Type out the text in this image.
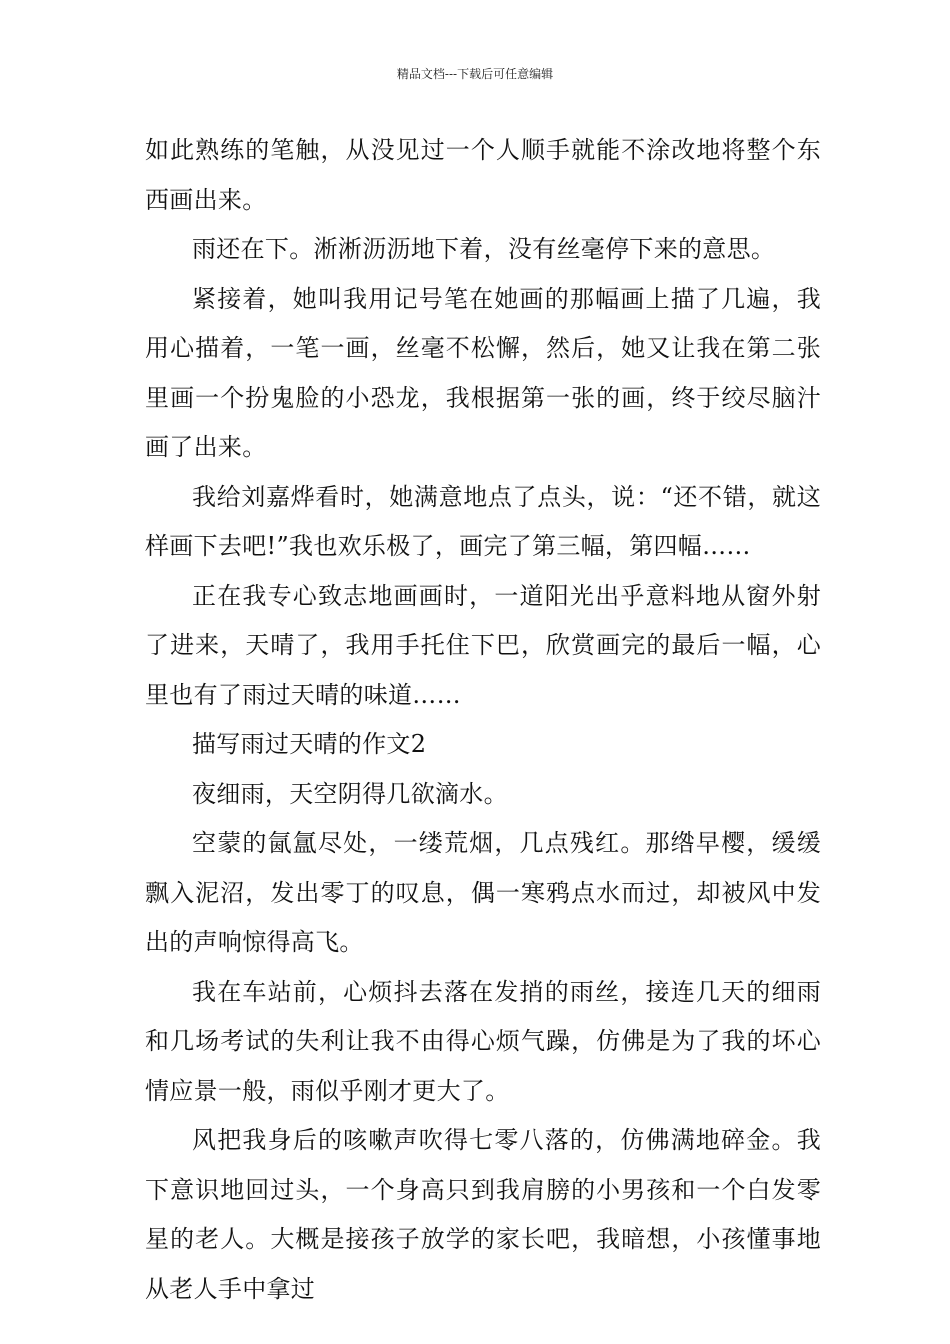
精品文档---下载后可任意编辑

如此熟练的笔触，从没见过一个人顺手就能不涂改地将整个东西画出来。

雨还在下。淅淅沥沥地下着，没有丝毫停下来的意思。

紧接着，她叫我用记号笔在她画的那幅画上描了几遍，我用心描着，一笔一画，丝毫不松懈，然后，她又让我在第二张里画一个扮鬼脸的小恐龙，我根据第一张的画，终于绞尽脑汁画了出来。

我给刘嘉烨看时，她满意地点了点头，说：“还不错，就这样画下去吧!”我也欢乐极了，画完了第三幅，第四幅……

正在我专心致志地画画时，一道阳光出乎意料地从窗外射了进来，天晴了，我用手托住下巴，欣赏画完的最后一幅，心里也有了雨过天晴的味道……

描写雨过天晴的作文2

夜细雨，天空阴得几欲滴水。

空蒙的氤氲尽处，一缕荒烟，几点残红。那绺早樱，缓缓飘入泥沼，发出零丁的叹息，偶一寒鸦点水而过，却被风中发出的声响惊得高飞。

我在车站前，心烦抖去落在发捎的雨丝，接连几天的细雨和几场考试的失利让我不由得心烦气躁，仿佛是为了我的坏心情应景一般，雨似乎刚才更大了。

风把我身后的咳嗽声吹得七零八落的，仿佛满地碎金。我下意识地回过头，一个身高只到我肩膀的小男孩和一个白发零星的老人。大概是接孩子放学的家长吧，我暗想，小孩懂事地从老人手中拿过
